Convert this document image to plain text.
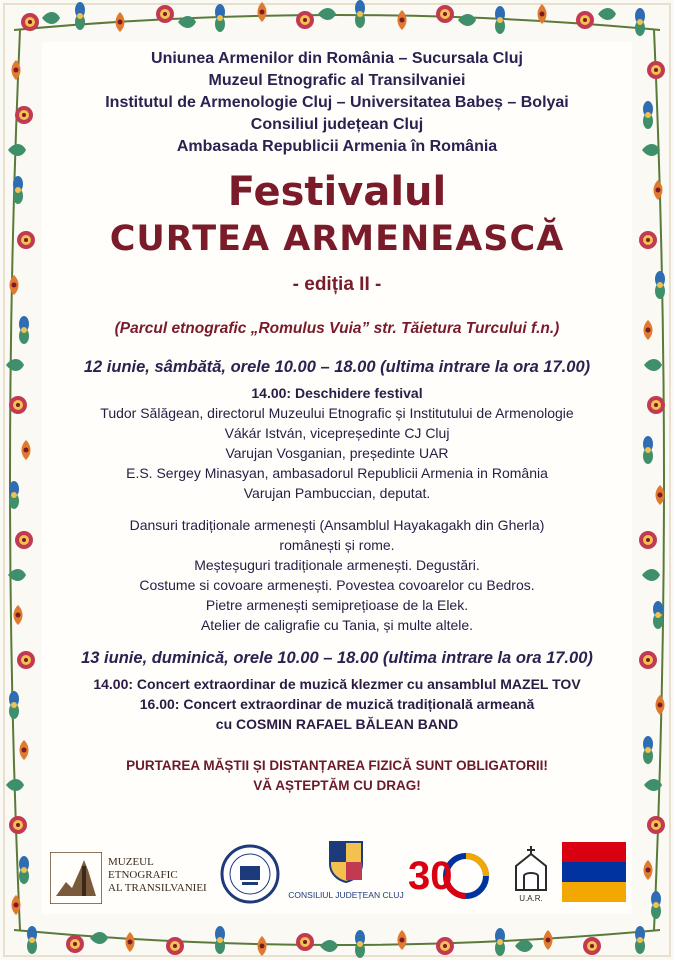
Uniunea Armenilor din România – Sucursala Cluj

Muzeul Etnografic al Transilvaniei

Institutul de Armenologie Cluj – Universitatea Babeș – Bolyai

Consiliul județean Cluj

Ambasada Republicii Armenia în România

Festivalul
CURTEA ARMENEASCĂ
- ediția II -
(Parcul etnografic „Romulus Vuia” str. Tăietura Turcului f.n.)
12 iunie, sâmbătă, orele 10.00 – 18.00 (ultima intrare la ora 17.00)
14.00: Deschidere festival
Tudor Sălăgean, directorul Muzeului Etnografic și Institutului de Armenologie
Vákár István, vicepreședinte CJ Cluj
Varujan Vosganian, președinte UAR
E.S. Sergey Minasyan, ambasadorul Republicii Armenia in România
Varujan Pambuccian, deputat.
Dansuri tradiționale armenești (Ansamblul Hayakagakh din Gherla)
românești și rome.
Meșteșuguri tradiționale armenești. Degustări.
Costume si covoare armenești. Povestea covoarelor cu Bedros.
Pietre armenești semiprețioase de la Elek.
Atelier de caligrafie cu Tania, și multe altele.
13 iunie, duminică, orele 10.00 – 18.00 (ultima intrare la ora 17.00)
14.00: Concert extraordinar de muzică klezmer cu ansamblul MAZEL TOV
16.00: Concert extraordinar de muzică tradițională armeană
cu COSMIN RAFAEL BĂLEAN BAND
PURTAREA MĂȘTII ȘI DISTANȚAREA FIZICĂ SUNT OBLIGATORII!
VĂ AȘTEPTĂM CU DRAG!
MUZEUL
ETNOGRAFIC
AL TRANSILVANIEI
CONSILIUL JUDEȚEAN CLUJ 30
U.A.R.
